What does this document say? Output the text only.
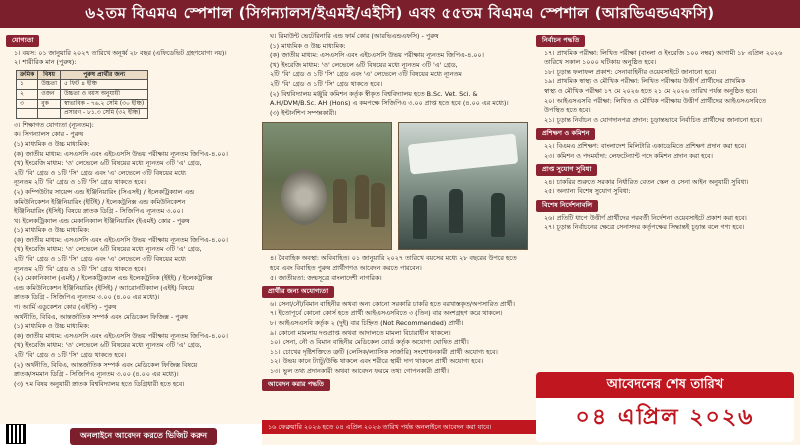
৬২তম বিএমএ স্পেশাল (সিগন্যালস/ইএমই/এইসি) এবং ৫৫তম বিএমএ স্পেশাল (আরভিএন্ডএফসি)
যোগ্যতা
১। বয়স: ০১ জানুয়ারি ২০২৭ তারিখে অনূর্ধ্ব ২৮ বছর (এফিডেভিট গ্রহণযোগ্য নয়)।
২। শারীরিক মান (পুরুষ):
ক্রমিক	বিষয়	পুরুষ প্রার্থীর জন্য
১	উচ্চতা	৫ ফিট ৪ ইঞ্চি
২	ওজন	উচ্চতা ও বয়স অনুযায়ী
৩	বুক	স্বাভাবিক - ৭৬.২ সেমি (৩০ ইঞ্চি)
		প্রসারণ - ৮১.৩ সেমি (৩২ ইঞ্চি)
৩। শিক্ষাগত যোগ্যতা (ন্যূনতম):
ক। সিগন্যালস কোর - পুরুষ
(১) মাধ্যমিক ও উচ্চ মাধ্যমিক:
(ক) জাতীয় মাধ্যম: এসএসসি এবং এইচএসসি উভয় পরীক্ষায় ন্যূনতম জিপিএ-৪.০০।
(খ) ইংরেজি মাধ্যম: 'ও' লেভেলে ৬টি বিষয়ের মধ্যে ন্যূনতম ৩টি 'এ' গ্রেড,
২টি 'বি' গ্রেড ও ১টি 'সি' গ্রেড এবং 'এ' লেভেলে ৩টি বিষয়ের মধ্যে
ন্যূনতম ২টি 'বি' গ্রেড ও ১টি 'সি' গ্রেড থাকতে হবে।
(২) কম্পিউটার সায়েন্স এন্ড ইঞ্জিনিয়ারিং (সিএসই) / ইলেকট্রিক্যাল এন্ড
কমিউনিকেশন ইঞ্জিনিয়ারিং (ইটিই) / ইলেকট্রনিক্স এন্ড কমিউনিকেশন
ইঞ্জিনিয়ারিং (ইসিই) বিষয়ে স্নাতক ডিগ্রি - সিজিপিএ ন্যূনতম ৩.০০।
খ। ইলেকট্রিক্যাল এন্ড মেকানিক্যাল ইঞ্জিনিয়ারিং (ইএমই) কোর - পুরুষ
(১) মাধ্যমিক ও উচ্চ মাধ্যমিক:
(ক) জাতীয় মাধ্যম: এসএসসি এবং এইচএসসি উভয় পরীক্ষায় ন্যূনতম জিপিএ-৪.০০।
(খ) ইংরেজি মাধ্যম: 'ও' লেভেলে ৬টি বিষয়ের মধ্যে ন্যূনতম ৩টি 'এ' গ্রেড,
২টি 'বি' গ্রেড ও ১টি 'সি' গ্রেড এবং 'এ' লেভেলে ৩টি বিষয়ের মধ্যে
ন্যূনতম ২টি 'বি' গ্রেড ও ১টি 'সি' গ্রেড থাকতে হবে।
(২) মেকানিক্যাল (এমই) / ইলেকট্রিক্যাল এন্ড ইলেকট্রনিক (ইইই) / ইলেকট্রনিক্স
এন্ড কমিউনিকেশন ইঞ্জিনিয়ারিং (ইসিই) / অ্যারোনটিক্যাল (এইই) বিষয়ে
স্নাতক ডিগ্রি - সিজিপিএ ন্যূনতম ৩.০০ (৪.০০ এর মধ্যে)।
গ। আর্মি এডুকেশন কোর (এইসি) - পুরুষ
অর্থনীতি, বিবিএ, আন্তর্জাতিক সম্পর্ক এবং মেডিকেল ফিজিক্স - পুরুষ
(১) মাধ্যমিক ও উচ্চ মাধ্যমিক:
(ক) জাতীয় মাধ্যম: এসএসসি এবং এইচএসসি উভয় পরীক্ষায় ন্যূনতম জিপিএ-৪.০০।
(খ) ইংরেজি মাধ্যম: 'ও' লেভেলে ৬টি বিষয়ের মধ্যে ন্যূনতম ৩টি 'এ' গ্রেড,
২টি 'বি' গ্রেড ও ১টি 'সি' গ্রেড থাকতে হবে।
(২) অর্থনীতি, বিবিএ, আন্তর্জাতিক সম্পর্ক এবং মেডিকেল ফিজিক্স বিষয়ে
স্নাতক/সমমান ডিগ্রি - সিজিপিএ ন্যূনতম ৩.০০ (৪.০০ এর মধ্যে)।
(৩) ৭ম বিষয় অনুযায়ী স্নাতক বিশ্ববিদ্যালয় হতে ডিগ্রিধারী হতে হবে।
ঘ। রিমাউন্ট ভেটেরিনারি এন্ড ফার্ম কোর (আরভিএন্ডএফসি) - পুরুষ
(১) মাধ্যমিক ও উচ্চ মাধ্যমিক:
(ক) জাতীয় মাধ্যম: এসএসসি এবং এইচএসসি উভয় পরীক্ষায় ন্যূনতম জিপিএ-৪.০০।
(খ) ইংরেজি মাধ্যম: 'ও' লেভেলে ৬টি বিষয়ের মধ্যে ন্যূনতম ৩টি 'এ' গ্রেড,
২টি 'বি' গ্রেড ও ১টি 'সি' গ্রেড এবং 'এ' লেভেলে ৩টি বিষয়ের মধ্যে ন্যূনতম
২টি 'বি' গ্রেড ও ১টি 'সি' গ্রেড থাকতে হবে।
(২) বিশ্ববিদ্যালয় মঞ্জুরি কমিশন কর্তৃক স্বীকৃত বিশ্ববিদ্যালয় হতে B.Sc. Vet. Sci. &
A.H/DVM/B.Sc. AH (Hons) এ কমপক্ষে সিজিপিএ ৩.০০ প্রাপ্ত হতে হবে (৪.০০ এর মধ্যে)।
(৩) ইন্টার্নশিপ সম্পন্নকারী।
৪। বৈবাহিক অবস্থা: অবিবাহিত। ০১ জানুয়ারি ২০২৭ তারিখে বয়সের মধ্যে ২৮ বছরের উপরে হতে
হবে এবং বিবাহিত পুরুষ প্রার্থীগণও আবেদন করতে পারবেন।
৫। জাতীয়তা: জন্মসূত্রে বাংলাদেশী নাগরিক।
প্রার্থীর জন্য অযোগ্যতা
৬। সেনা/নৌ/বিমান বাহিনীর অথবা অন্য কোনো সরকারি চাকরি হতে বরখাস্তকৃত/অপসারিত প্রার্থী।
৭। ইতোপূর্বে কোনো কোর্স হতে প্রার্থী আইএসএসবিতে ৩ (তিন) বার অংশগ্রহণ করে থাকলে।
৮। আইএসএসবি কর্তৃক ২ (দুই) বার চিহ্নিত (Not Recommended) প্রার্থী।
৯। কোনো মামলায় দণ্ডপ্রাপ্ত অথবা আদালতে মামলা বিচারাধীন থাকলে।
১০। সেনা, নৌ ও বিমান বাহিনীর মেডিকেল বোর্ড কর্তৃক অযোগ্য ঘোষিত প্রার্থী।
১১। চোখের দৃষ্টিশক্তিতে ত্রুটি (লেসিক/ল্যাসিক সার্জারি) সংশোধনকারী প্রার্থী অযোগ্য হবে।
১২। উভয় কানে ট্যাটু/উল্কি থাকলে এবং শরীরে স্থায়ী দাগ থাকলে প্রার্থী অযোগ্য হবে।
১৩। ভুল তথ্য প্রদানকারী অথবা আবেদন ফরমে তথ্য গোপনকারী প্রার্থী।
আবেদন করার পদ্ধতি
১৬ ফেব্রুয়ারি ২০২৬ হতে ০৪ এপ্রিল ২০২৬ তারিখ পর্যন্ত অনলাইনে আবেদন করা যাবে।
নির্বাচন পদ্ধতি
১৭। প্রাথমিক পরীক্ষা: লিখিত পরীক্ষা (বাংলা ও ইংরেজি ১০০ নম্বর) আগামী ১৮ এপ্রিল ২০২৬
তারিখে সকাল ১০০০ ঘটিকায় অনুষ্ঠিত হবে।
১৮। চূড়ান্ত ফলাফল প্রকাশ: সেনাবাহিনীর ওয়েবসাইটে জানানো হবে।
১৯। প্রাথমিক স্বাস্থ্য ও মৌখিক পরীক্ষা: লিখিত পরীক্ষায় উত্তীর্ণ প্রার্থীদের প্রাথমিক
স্বাস্থ্য ও মৌখিক পরীক্ষা ১৭ মে ২০২৬ হতে ২১ মে ২০২৬ তারিখ পর্যন্ত অনুষ্ঠিত হবে।
২০। আইএসএসবি পরীক্ষা: লিখিত ও মৌখিক পরীক্ষায় উত্তীর্ণ প্রার্থীদের আইএসএসবিতে
উপস্থিত হতে হবে।
২১। চূড়ান্ত নির্বাচন ও যোগদানপত্র প্রদান: চূড়ান্তভাবে নির্বাচিত প্রার্থীদের জানানো হবে।
প্রশিক্ষণ ও কমিশন
২২। বিএমএ প্রশিক্ষণ: বাংলাদেশ মিলিটারি একাডেমিতে প্রশিক্ষণ প্রদান করা হবে।
২৩। কমিশন ও পদমর্যাদা: লেফটেন্যান্ট পদে কমিশন প্রদান করা হবে।
প্রাপ্ত সুযোগ সুবিধা
২৪। চাকরির শুরুতে সরকার নির্ধারিত বেতন স্কেল ও সেনা আইন অনুযায়ী সুবিধা।
২৫। অন্যান্য বিশেষ সুযোগ সুবিধা:
বিশেষ নির্দেশনাবলি
২৬। প্রতিটি ধাপে উত্তীর্ণ প্রার্থীদের পরবর্তী নির্দেশনা ওয়েবসাইটে প্রকাশ করা হবে।
২৭। চূড়ান্ত নির্বাচনের ক্ষেত্রে সেনাসদর কর্তৃপক্ষের সিদ্ধান্তই চূড়ান্ত বলে গণ্য হবে।
আবেদনের শেষ তারিখ
০৪ এপ্রিল ২০২৬
অনলাইনে আবেদন করতে ভিজিট করুন
